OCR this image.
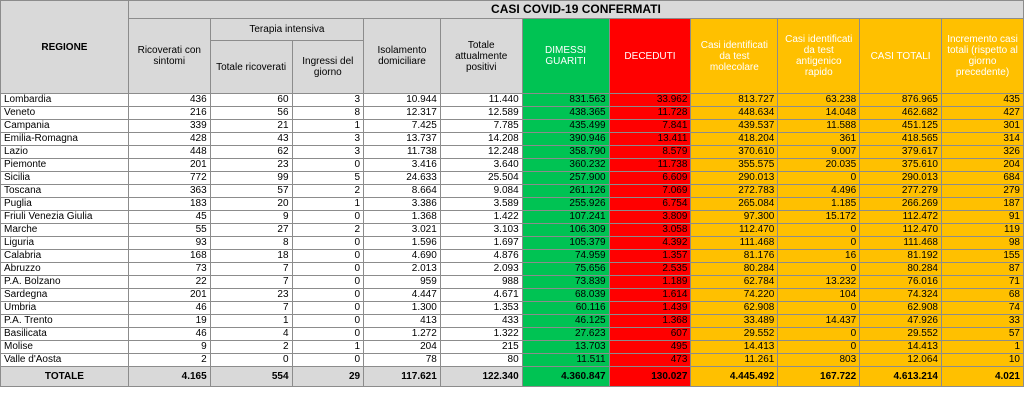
REGIONE	CASI COVID-19 CONFERMATI										
	Ricoverati con sintomi	Terapia intensiva		Isolamento domiciliare	Totale attualmente positivi	DIMESSI GUARITI	DECEDUTI	Casi identificati da test molecolare	Casi identificati da test antigenico rapido	CASI TOTALI	Incremento casi totali (rispetto al giorno precedente)
		Totale ricoverati	Ingressi del giorno								
Lombardia	436	60	3	10.944	11.440	831.563	33.962	813.727	63.238	876.965	435
Veneto	216	56	8	12.317	12.589	438.365	11.728	448.634	14.048	462.682	427
Campania	339	21	1	7.425	7.785	435.499	7.841	439.537	11.588	451.125	301
Emilia-Romagna	428	43	3	13.737	14.208	390.946	13.411	418.204	361	418.565	314
Lazio	448	62	3	11.738	12.248	358.790	8.579	370.610	9.007	379.617	326
Piemonte	201	23	0	3.416	3.640	360.232	11.738	355.575	20.035	375.610	204
Sicilia	772	99	5	24.633	25.504	257.900	6.609	290.013	0	290.013	684
Toscana	363	57	2	8.664	9.084	261.126	7.069	272.783	4.496	277.279	279
Puglia	183	20	1	3.386	3.589	255.926	6.754	265.084	1.185	266.269	187
Friuli Venezia Giulia	45	9	0	1.368	1.422	107.241	3.809	97.300	15.172	112.472	91
Marche	55	27	2	3.021	3.103	106.309	3.058	112.470	0	112.470	119
Liguria	93	8	0	1.596	1.697	105.379	4.392	111.468	0	111.468	98
Calabria	168	18	0	4.690	4.876	74.959	1.357	81.176	16	81.192	155
Abruzzo	73	7	0	2.013	2.093	75.656	2.535	80.284	0	80.284	87
P.A. Bolzano	22	7	0	959	988	73.839	1.189	62.784	13.232	76.016	71
Sardegna	201	23	0	4.447	4.671	68.039	1.614	74.220	104	74.324	68
Umbria	46	7	0	1.300	1.353	60.116	1.439	62.908	0	62.908	74
P.A. Trento	19	1	0	413	433	46.125	1.368	33.489	14.437	47.926	33
Basilicata	46	4	0	1.272	1.322	27.623	607	29.552	0	29.552	57
Molise	9	2	1	204	215	13.703	495	14.413	0	14.413	1
Valle d'Aosta	2	0	0	78	80	11.511	473	11.261	803	12.064	10
TOTALE	4.165	554	29	117.621	122.340	4.360.847	130.027	4.445.492	167.722	4.613.214	4.021
